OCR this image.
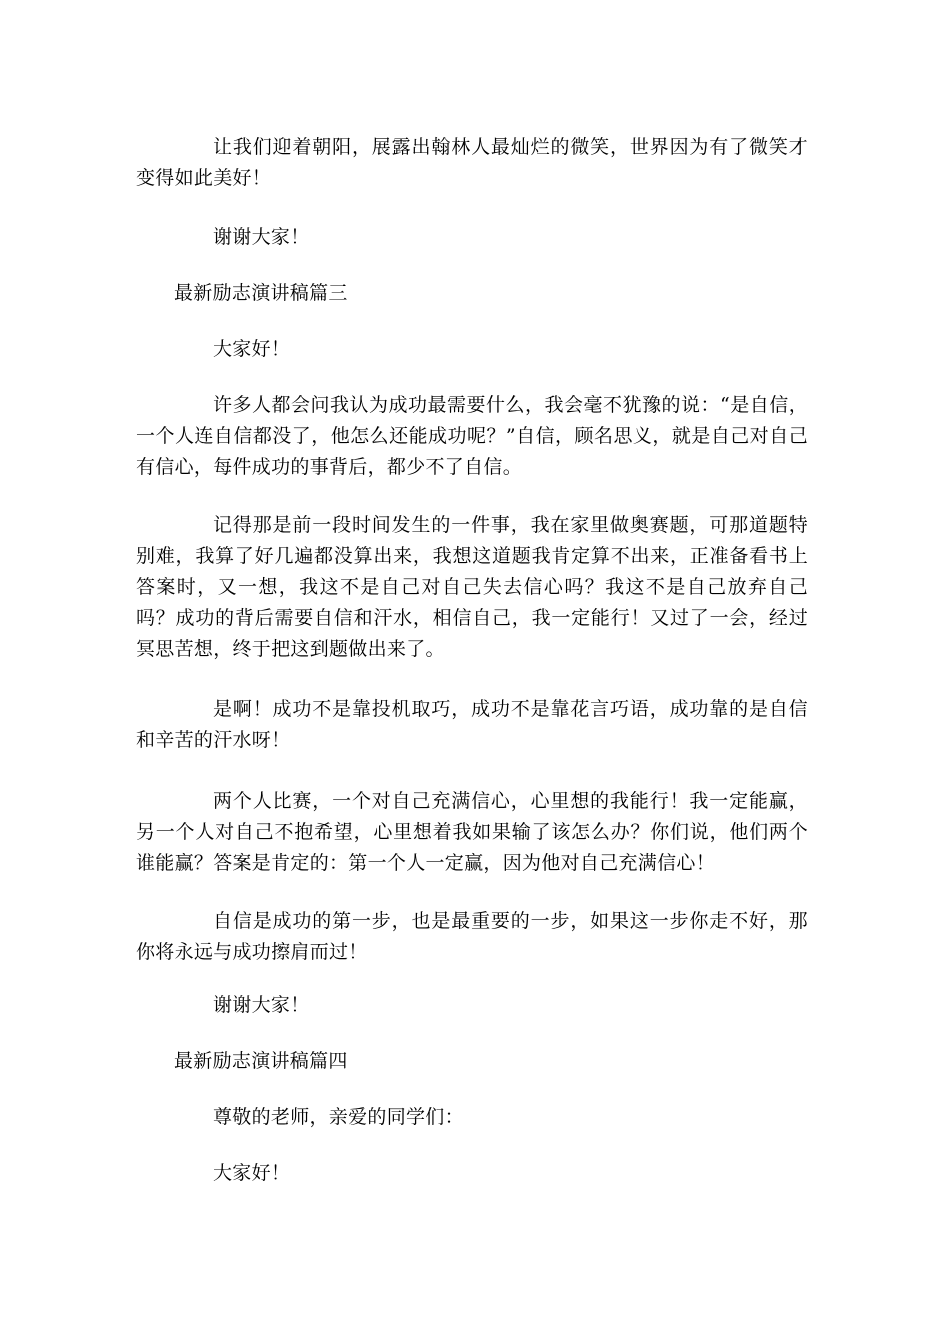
让我们迎着朝阳，展露出翰林人最灿烂的微笑，世界因为有了微笑才变得如此美好！

谢谢大家！

最新励志演讲稿篇三

大家好！

许多人都会问我认为成功最需要什么，我会毫不犹豫的说：“是自信，一个人连自信都没了，他怎么还能成功呢？”自信，顾名思义，就是自己对自己有信心，每件成功的事背后，都少不了自信。

记得那是前一段时间发生的一件事，我在家里做奥赛题，可那道题特别难，我算了好几遍都没算出来，我想这道题我肯定算不出来，正准备看书上答案时，又一想，我这不是自己对自己失去信心吗？我这不是自己放弃自己吗？成功的背后需要自信和汗水，相信自己，我一定能行！又过了一会，经过冥思苦想，终于把这到题做出来了。

是啊！成功不是靠投机取巧，成功不是靠花言巧语，成功靠的是自信和辛苦的汗水呀！

两个人比赛，一个对自己充满信心，心里想的我能行！我一定能赢，另一个人对自己不抱希望，心里想着我如果输了该怎么办？你们说，他们两个谁能赢？答案是肯定的：第一个人一定赢，因为他对自己充满信心！

自信是成功的第一步，也是最重要的一步，如果这一步你走不好，那你将永远与成功擦肩而过！

谢谢大家！

最新励志演讲稿篇四

尊敬的老师，亲爱的同学们：

大家好！
